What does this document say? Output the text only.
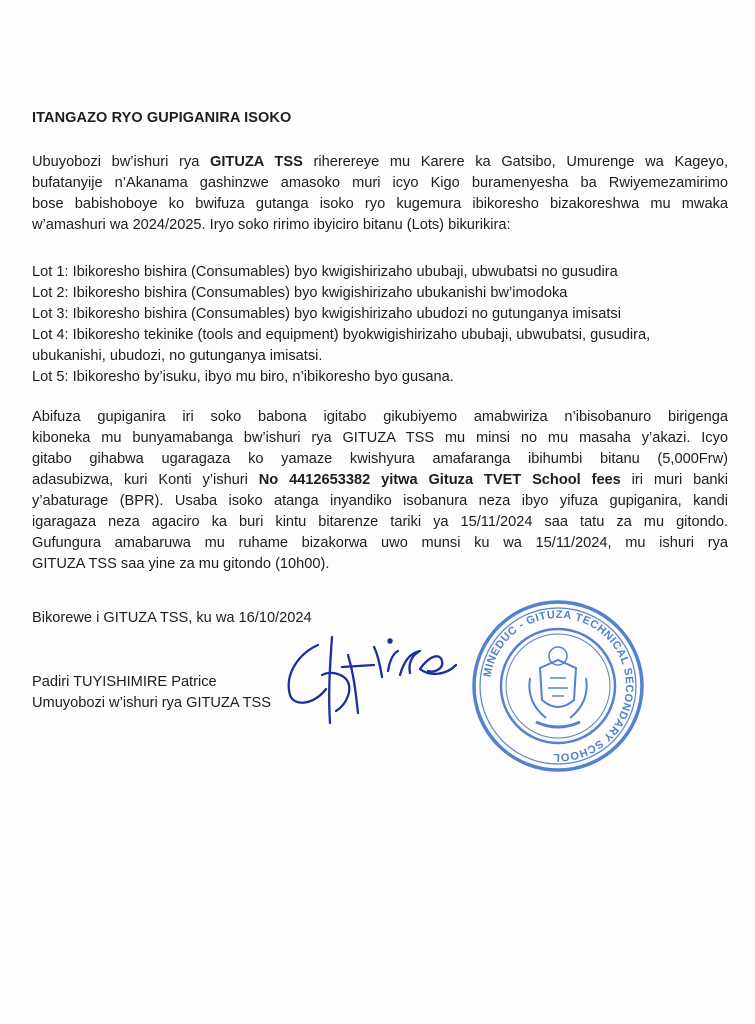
ITANGAZO RYO GUPIGANIRA ISOKO
Ubuyobozi bw’ishuri rya GITUZA TSS riherereye mu Karere ka Gatsibo, Umurenge wa Kageyo,
bufatanyije n’Akanama gashinzwe amasoko muri icyo Kigo buramenyesha ba Rwiyemezamirimo
bose babishoboye ko bwifuza gutanga isoko ryo kugemura ibikoresho bizakoreshwa mu mwaka
w’amashuri wa 2024/2025. Iryo soko ririmo ibyiciro bitanu (Lots) bikurikira:
Lot 1: Ibikoresho bishira (Consumables) byo kwigishirizaho ububaji, ubwubatsi no gusudira
Lot 2: Ibikoresho bishira (Consumables) byo kwigishirizaho ubukanishi bw’imodoka
Lot 3: Ibikoresho bishira (Consumables) byo kwigishirizaho ubudozi no gutunganya imisatsi
Lot 4: Ibikoresho tekinike (tools and equipment) byokwigishirizaho ububaji, ubwubatsi, gusudira,
ubukanishi, ubudozi, no gutunganya imisatsi.
Lot 5: Ibikoresho by’isuku, ibyo mu biro, n’ibikoresho byo gusana.
Abifuza gupiganira iri soko babona igitabo gikubiyemo amabwiriza n’ibisobanuro birigenga
kiboneka mu bunyamabanga bw’ishuri rya GITUZA TSS mu minsi no mu masaha y’akazi. Icyo
gitabo gihabwa ugaragaza ko yamaze kwishyura amafaranga ibihumbi bitanu (5,000Frw)
adasubizwa, kuri Konti y’ishuri No 4412653382 yitwa Gituza TVET School fees iri muri banki
y’abaturage (BPR). Usaba isoko atanga inyandiko isobanura neza ibyo yifuza gupiganira, kandi
igaragaza neza agaciro ka buri kintu bitarenze tariki ya 15/11/2024 saa tatu za mu gitondo.
Gufungura amabaruwa mu ruhame bizakorwa uwo munsi ku wa 15/11/2024, mu ishuri rya
GITUZA TSS saa yine za mu gitondo (10h00).
Bikorewe i GITUZA TSS, ku wa 16/10/2024
Padiri TUYISHIMIRE Patrice
Umuyobozi w’ishuri rya GITUZA TSS
MINEDUC - GITUZA TECHNICAL SECONDARY SCHOOL
